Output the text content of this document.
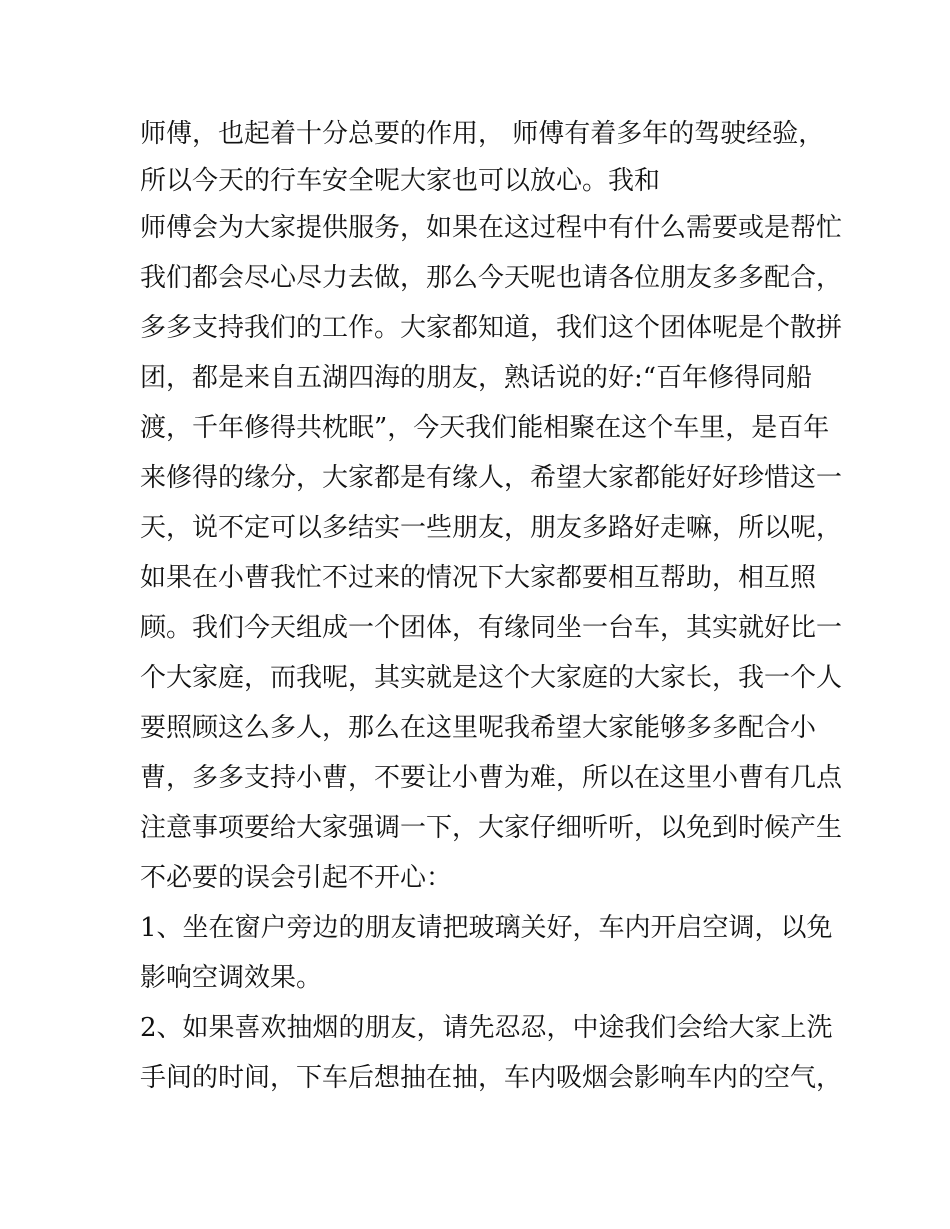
师傅，也起着十分总要的作用， 师傅有着多年的驾驶经验，
所以今天的行车安全呢大家也可以放心。我和
师傅会为大家提供服务，如果在这过程中有什么需要或是帮忙
我们都会尽心尽力去做，那么今天呢也请各位朋友多多配合，
多多支持我们的工作。大家都知道，我们这个团体呢是个散拼
团，都是来自五湖四海的朋友，熟话说的好:“百年修得同船
渡，千年修得共枕眠”，今天我们能相聚在这个车里，是百年
来修得的缘分，大家都是有缘人，希望大家都能好好珍惜这一
天，说不定可以多结实一些朋友，朋友多路好走嘛，所以呢，
如果在小曹我忙不过来的情况下大家都要相互帮助，相互照
顾。我们今天组成一个团体，有缘同坐一台车，其实就好比一
个大家庭，而我呢，其实就是这个大家庭的大家长，我一个人
要照顾这么多人，那么在这里呢我希望大家能够多多配合小
曹，多多支持小曹，不要让小曹为难，所以在这里小曹有几点
注意事项要给大家强调一下，大家仔细听听，以免到时候产生
不必要的误会引起不开心：
1、坐在窗户旁边的朋友请把玻璃关好，车内开启空调，以免
影响空调效果。
2、如果喜欢抽烟的朋友，请先忍忍，中途我们会给大家上洗
手间的时间，下车后想抽在抽，车内吸烟会影响车内的空气，
